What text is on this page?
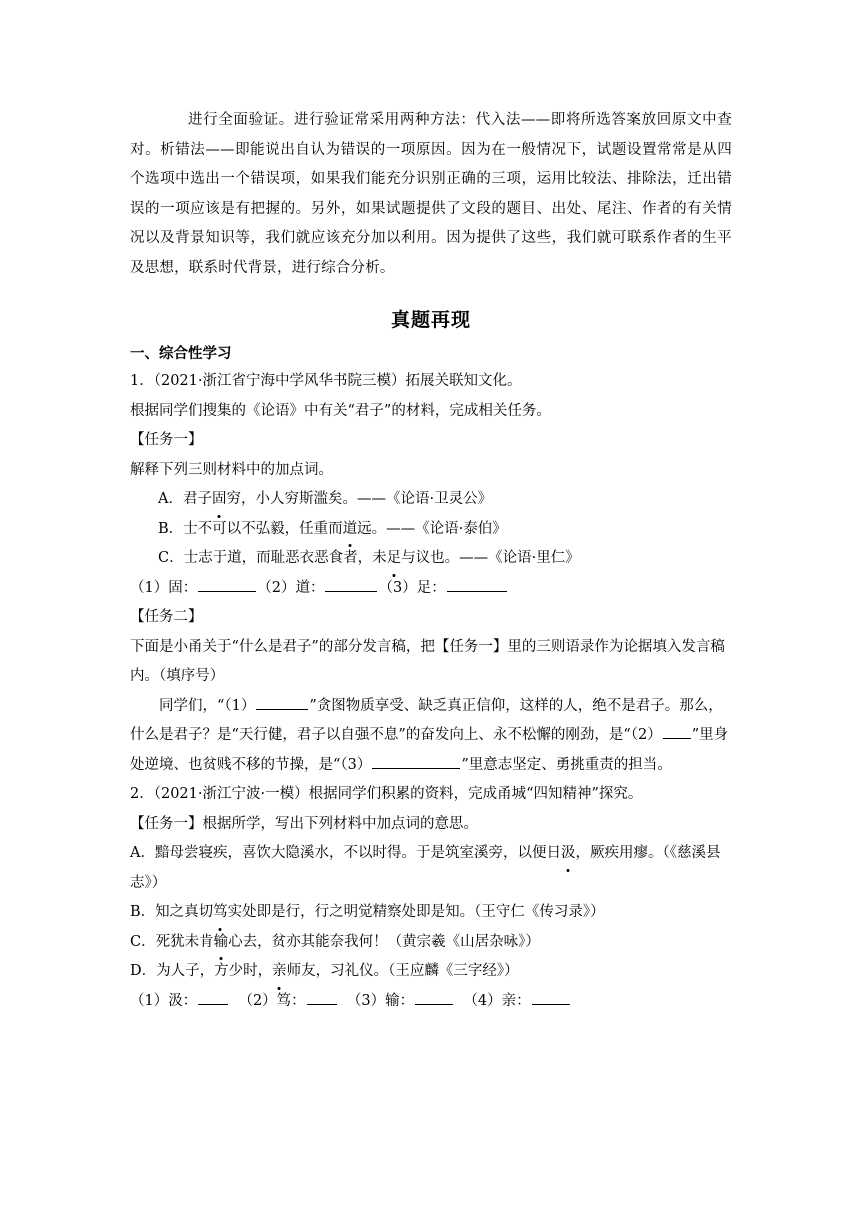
进行全面验证。进行验证常采用两种方法：代入法——即将所选答案放回原文中查对。析错法——即能说出自认为错误的一项原因。因为在一般情况下，试题设置常常是从四个选项中选出一个错误项，如果我们能充分识别正确的三项，运用比较法、排除法，迁出错误的一项应该是有把握的。另外，如果试题提供了文段的题目、出处、尾注、作者的有关情况以及背景知识等，我们就应该充分加以利用。因为提供了这些，我们就可联系作者的生平及思想，联系时代背景，进行综合分析。

真题再现
一、综合性学习

1．（2021·浙江省宁海中学风华书院三模）拓展关联知文化。

根据同学们搜集的《论语》中有关“君子”的材料，完成相关任务。

【任务一】

解释下列三则材料中的加点词。

A．君子固穷，小人穷斯滥矣。——《论语·卫灵公》

B．士不可以不弘毅，任重而道远。——《论语·泰伯》

C．士志于道，而耻恶衣恶食者，未足与议也。——《论语·里仁》

（1）固：	（2）道：	（3）足：

【任务二】

下面是小甬关于“什么是君子”的部分发言稿，把【任务一】里的三则语录作为论据填入发言稿内。（填序号）

同学们，“（1）	”贪图物质享受、缺乏真正信仰，这样的人，绝不是君子。那么，什么是君子？是“天行健，君子以自强不息”的奋发向上、永不松懈的刚劲，是“（2） ”里身处逆境、也贫贱不移的节操，是“（3）	”里意志坚定、勇挑重责的担当。

2．（2021·浙江宁波·一模）根据同学们积累的资料，完成甬城“四知精神”探究。

【任务一】根据所学，写出下列材料中加点词的意思。

A．黯母尝寝疾，喜饮大隐溪水，不以时得。于是筑室溪旁，以便日汲，厥疾用瘳。（《慈溪县志》）

B．知之真切笃实处即是行，行之明觉精察处即是知。（王守仁《传习录》）

C．死犹未肯输心去，贫亦其能奈我何！（黄宗羲《山居杂咏》）

D．为人子，方少时，亲师友，习礼仪。（王应麟《三字经》）

（1）汲：	（2）笃：	（3）输：	（4）亲：
